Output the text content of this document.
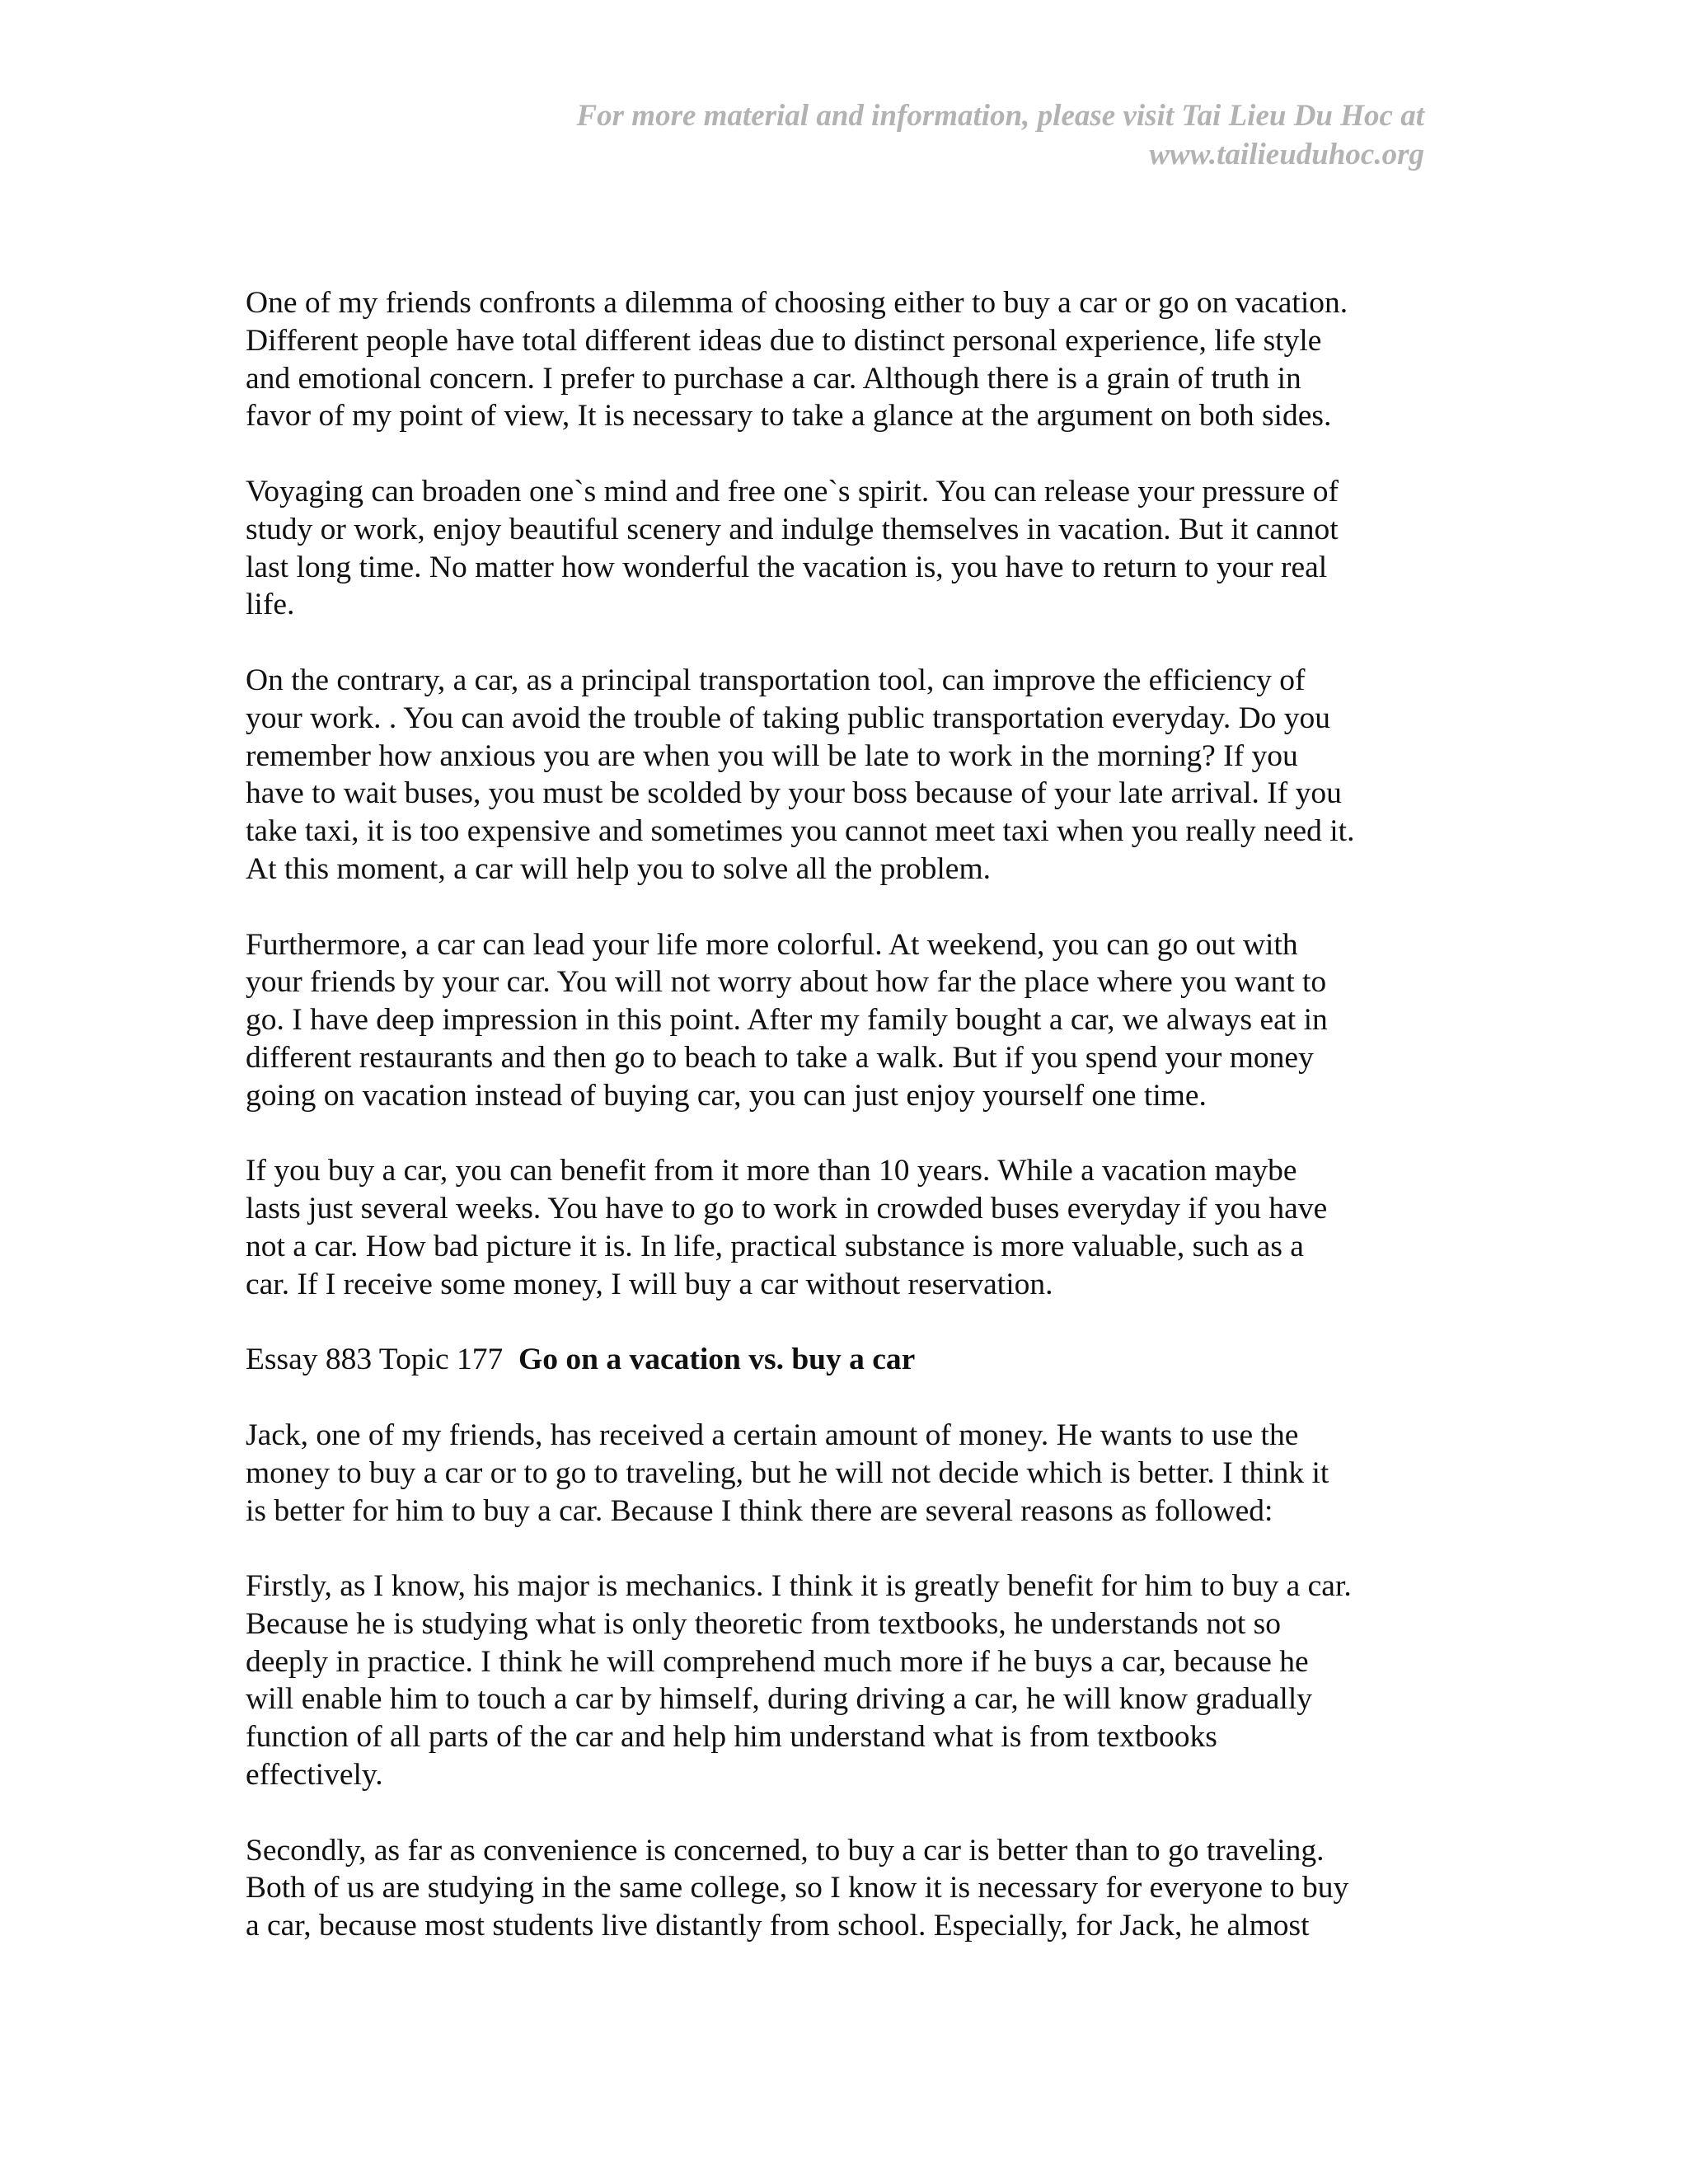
For more material and information, please visit Tai Lieu Du Hoc at
www.tailieuduhoc.org

One of my friends confronts a dilemma of choosing either to buy a car or go on vacation.
Different people have total different ideas due to distinct personal experience, life style
and emotional concern. I prefer to purchase a car. Although there is a grain of truth in
favor of my point of view, It is necessary to take a glance at the argument on both sides.

Voyaging can broaden one`s mind and free one`s spirit. You can release your pressure of
study or work, enjoy beautiful scenery and indulge themselves in vacation. But it cannot
last long time. No matter how wonderful the vacation is, you have to return to your real
life.

On the contrary, a car, as a principal transportation tool, can improve the efficiency of
your work. . You can avoid the trouble of taking public transportation everyday. Do you
remember how anxious you are when you will be late to work in the morning? If you
have to wait buses, you must be scolded by your boss because of your late arrival. If you
take taxi, it is too expensive and sometimes you cannot meet taxi when you really need it.
At this moment, a car will help you to solve all the problem.

Furthermore, a car can lead your life more colorful. At weekend, you can go out with
your friends by your car. You will not worry about how far the place where you want to
go. I have deep impression in this point. After my family bought a car, we always eat in
different restaurants and then go to beach to take a walk. But if you spend your money
going on vacation instead of buying car, you can just enjoy yourself one time.

If you buy a car, you can benefit from it more than 10 years. While a vacation maybe
lasts just several weeks. You have to go to work in crowded buses everyday if you have
not a car. How bad picture it is. In life, practical substance is more valuable, such as a
car. If I receive some money, I will buy a car without reservation.

Essay 883 Topic 177 Go on a vacation vs. buy a car

Jack, one of my friends, has received a certain amount of money. He wants to use the
money to buy a car or to go to traveling, but he will not decide which is better. I think it
is better for him to buy a car. Because I think there are several reasons as followed:

Firstly, as I know, his major is mechanics. I think it is greatly benefit for him to buy a car.
Because he is studying what is only theoretic from textbooks, he understands not so
deeply in practice. I think he will comprehend much more if he buys a car, because he
will enable him to touch a car by himself, during driving a car, he will know gradually
function of all parts of the car and help him understand what is from textbooks
effectively.

Secondly, as far as convenience is concerned, to buy a car is better than to go traveling.
Both of us are studying in the same college, so I know it is necessary for everyone to buy
a car, because most students live distantly from school. Especially, for Jack, he almost
